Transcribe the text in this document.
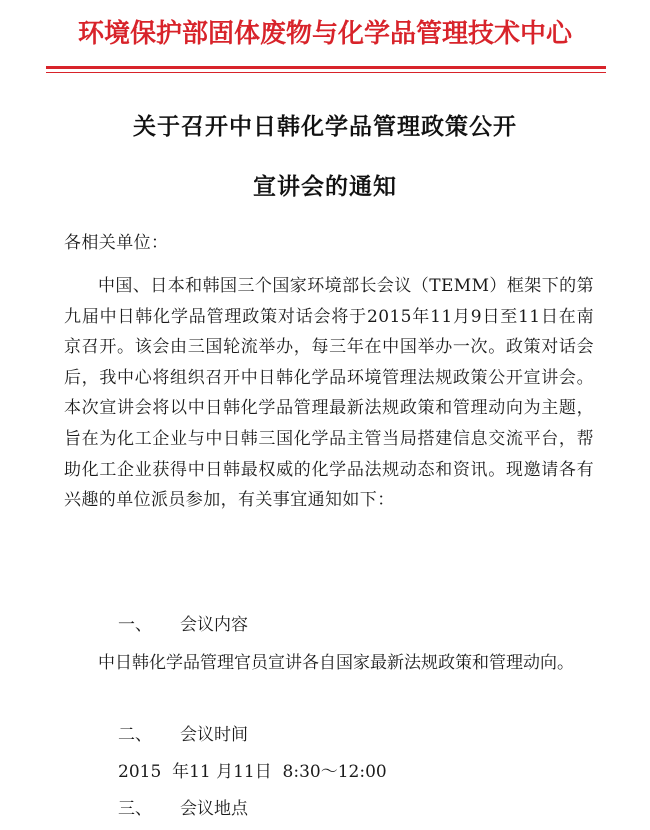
环境保护部固体废物与化学品管理技术中心
关于召开中日韩化学品管理政策公开
宣讲会的通知
各相关单位：
中国、日本和韩国三个国家环境部长会议（TEMM）框架下的第九届中日韩化学品管理政策对话会将于2015年11月9日至11日在南京召开。该会由三国轮流举办，每三年在中国举办一次。政策对话会后，我中心将组织召开中日韩化学品环境管理法规政策公开宣讲会。本次宣讲会将以中日韩化学品管理最新法规政策和管理动向为主题，旨在为化工企业与中日韩三国化学品主管当局搭建信息交流平台，帮助化工企业获得中日韩最权威的化学品法规动态和资讯。现邀请各有兴趣的单位派员参加，有关事宜通知如下：
一、 会议内容
中日韩化学品管理官员宣讲各自国家最新法规政策和管理动向。
二、 会议时间
2015  年11 月11日  8:30～12:00
三、 会议地点
